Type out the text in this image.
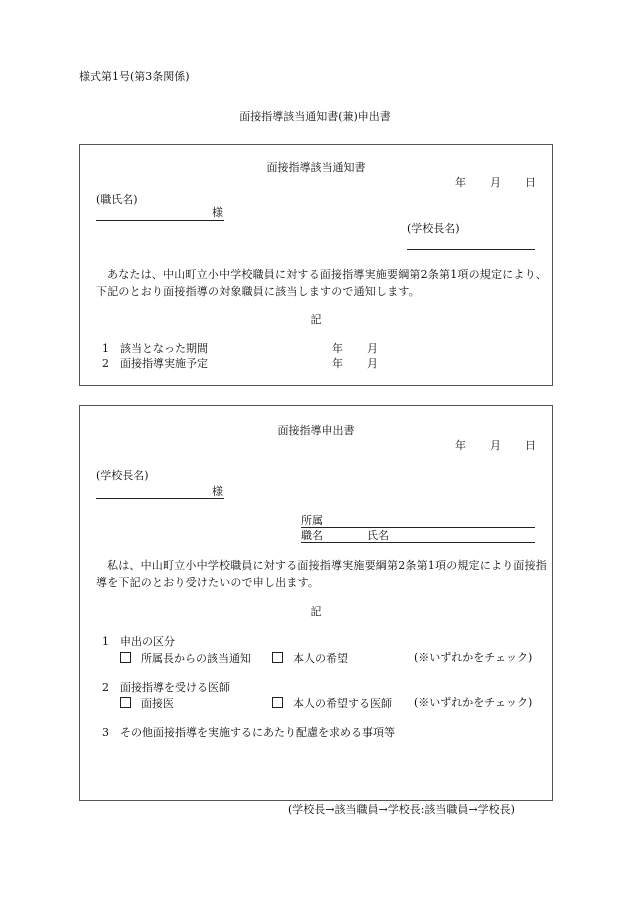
様式第1号(第3条関係)
面接指導該当通知書(兼)申出書
面接指導該当通知書
年 月 日
(職氏名)
様
(学校長名)
あなたは、中山町立小中学校職員に対する面接指導実施要綱第2条第1項の規定により、下記のとおり面接指導の対象職員に該当しますので通知します。
記
1 該当となった期間	年 月
2 面接指導実施予定	年 月
面接指導申出書
年 月 日
(学校長名)
様
所属
職名	氏名
私は、中山町立小中学校職員に対する面接指導実施要綱第2条第1項の規定により面接指導を下記のとおり受けたいので申し出ます。
記
1 申出の区分
所属長からの該当通知	本人の希望	(※いずれかをチェック)
2 面接指導を受ける医師
面接医	本人の希望する医師 (※いずれかをチェック)
3 その他面接指導を実施するにあたり配慮を求める事項等
(学校長→該当職員→学校長:該当職員→学校長)
